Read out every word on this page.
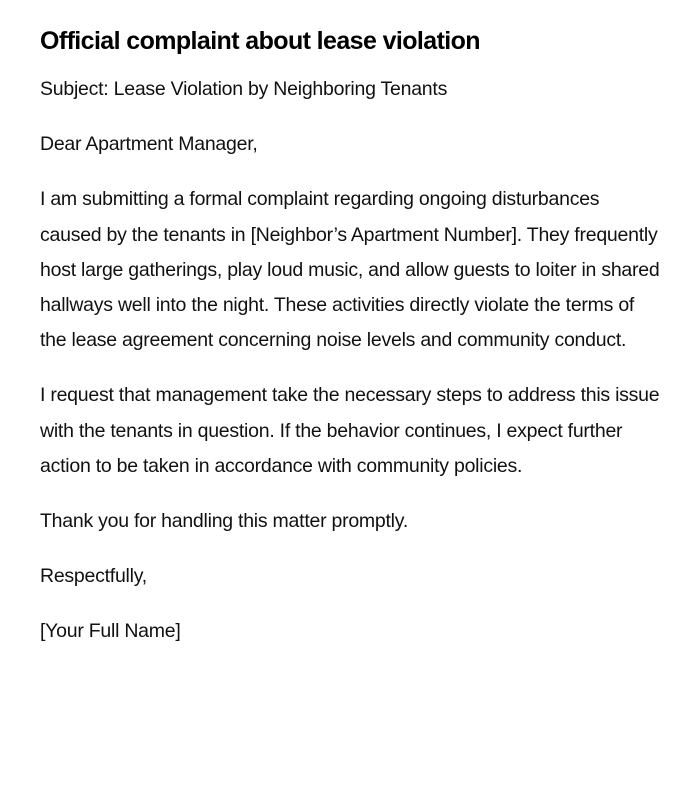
Official complaint about lease violation

Subject: Lease Violation by Neighboring Tenants

Dear Apartment Manager,

I am submitting a formal complaint regarding ongoing disturbances caused by the tenants in [Neighbor’s Apartment Number]. They frequently host large gatherings, play loud music, and allow guests to loiter in shared hallways well into the night. These activities directly violate the terms of the lease agreement concerning noise levels and community conduct.

I request that management take the necessary steps to address this issue with the tenants in question. If the behavior continues, I expect further action to be taken in accordance with community policies.

Thank you for handling this matter promptly.

Respectfully,

[Your Full Name]
